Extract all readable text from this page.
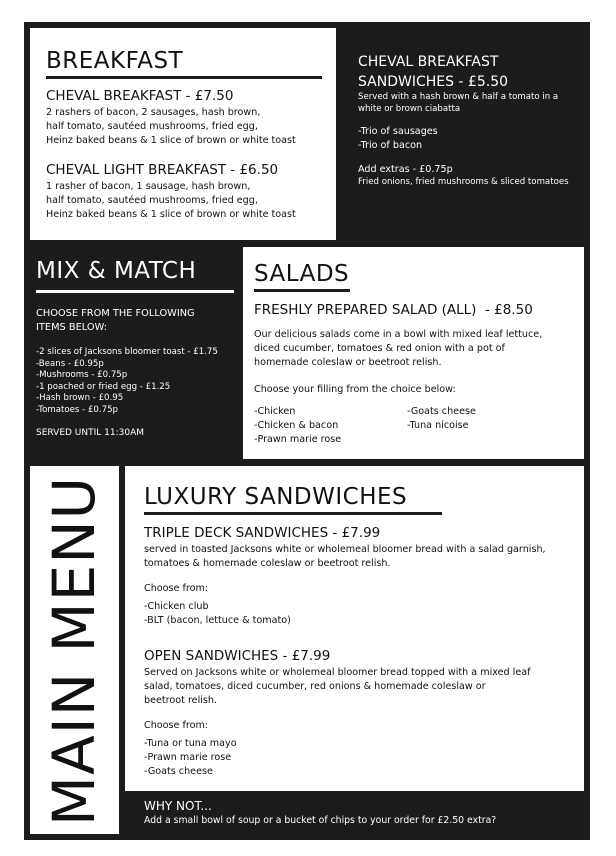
BREAKFAST
CHEVAL BREAKFAST - £7.50
2 rashers of bacon, 2 sausages, hash brown,
half tomato, sautéed mushrooms, fried egg,
Heinz baked beans & 1 slice of brown or white toast
CHEVAL LIGHT BREAKFAST - £6.50
1 rasher of bacon, 1 sausage, hash brown,
half tomato, sautéed mushrooms, fried egg,
Heinz baked beans & 1 slice of brown or white toast
CHEVAL BREAKFAST
SANDWICHES - £5.50
Served with a hash brown & half a tomato in a
white or brown ciabatta
-Trio of sausages
-Trio of bacon
Add extras - £0.75p
Fried onions, fried mushrooms & sliced tomatoes
MIX & MATCH
CHOOSE FROM THE FOLLOWING
ITEMS BELOW:
-2 slices of Jacksons bloomer toast - £1.75
-Beans - £0.95p
-Mushrooms - £0.75p
-1 poached or fried egg - £1.25
-Hash brown - £0.95
-Tomatoes - £0.75p
SERVED UNTIL 11:30AM
SALADS
FRESHLY PREPARED SALAD (ALL)  - £8.50
Our delicious salads come in a bowl with mixed leaf lettuce,
diced cucumber, tomatoes & red onion with a pot of
homemade coleslaw or beetroot relish.
Choose your filling from the choice below:
-Chicken
-Chicken & bacon
-Prawn marie rose
-Goats cheese
-Tuna nicoise
MAIN MENU LUXURY SANDWICHES
TRIPLE DECK SANDWICHES - £7.99
served in toasted Jacksons white or wholemeal bloomer bread with a salad garnish,
tomatoes & homemade coleslaw or beetroot relish.
Choose from:
-Chicken club
-BLT (bacon, lettuce & tomato)
OPEN SANDWICHES - £7.99
Served on Jacksons white or wholemeal bloomer bread topped with a mixed leaf
salad, tomatoes, diced cucumber, red onions & homemade coleslaw or
beetroot relish.
Choose from:
-Tuna or tuna mayo
-Prawn marie rose
-Goats cheese
WHY NOT...
Add a small bowl of soup or a bucket of chips to your order for £2.50 extra?
